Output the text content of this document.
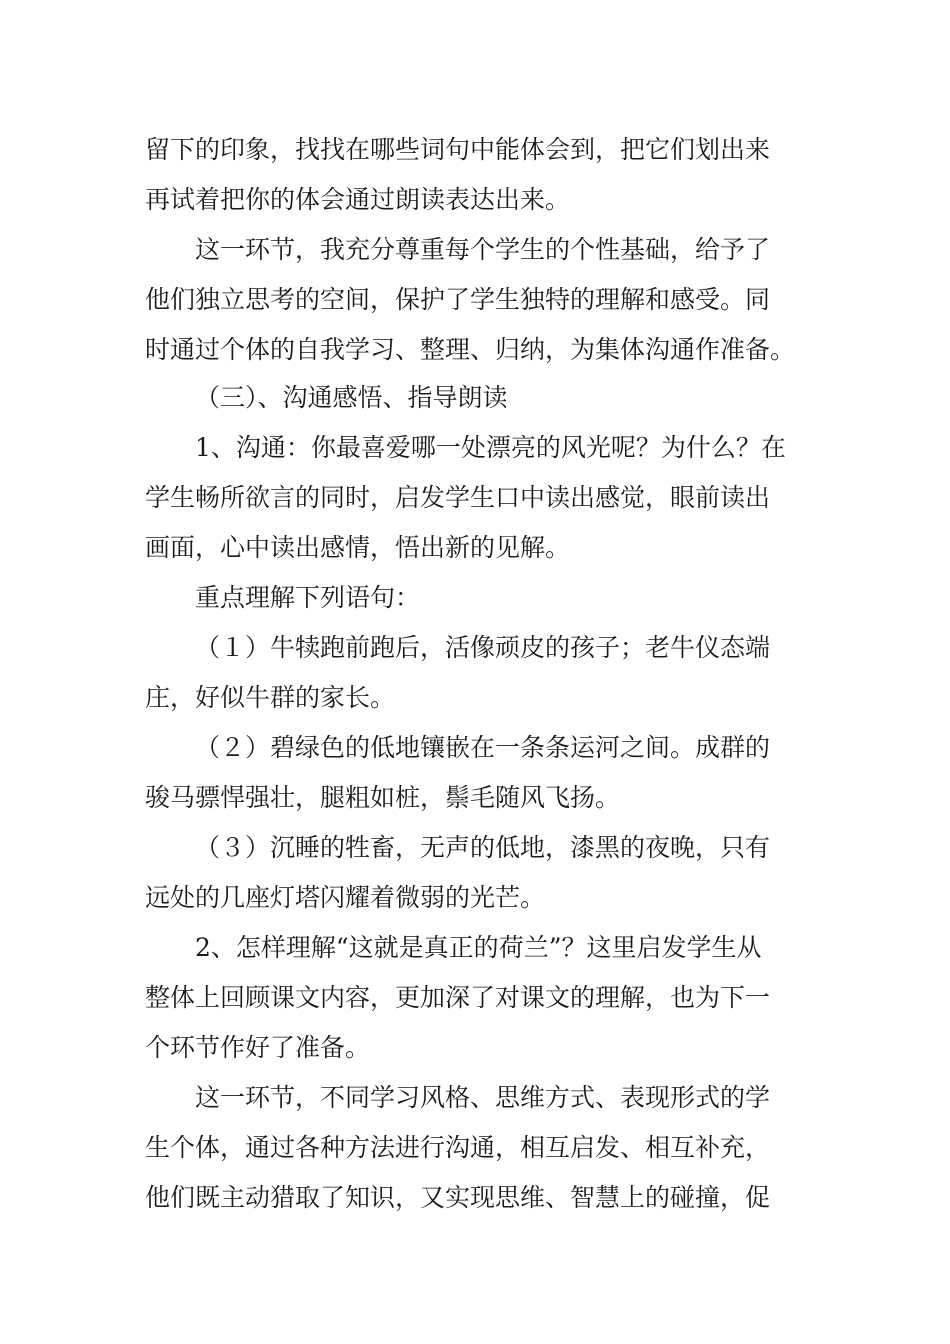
留下的印象，找找在哪些词句中能体会到，把它们划出来
再试着把你的体会通过朗读表达出来。
这一环节，我充分尊重每个学生的个性基础，给予了
他们独立思考的空间，保护了学生独特的理解和感受。同
时通过个体的自我学习、整理、归纳，为集体沟通作准备。
（三）、沟通感悟、指导朗读
1、沟通：你最喜爱哪一处漂亮的风光呢？为什么？在
学生畅所欲言的同时，启发学生口中读出感觉，眼前读出
画面，心中读出感情，悟出新的见解。
重点理解下列语句：
（１）牛犊跑前跑后，活像顽皮的孩子；老牛仪态端
庄，好似牛群的家长。
（２）碧绿色的低地镶嵌在一条条运河之间。成群的
骏马骠悍强壮，腿粗如桩，鬃毛随风飞扬。
（３）沉睡的牲畜，无声的低地，漆黑的夜晚，只有
远处的几座灯塔闪耀着微弱的光芒。
2、怎样理解“这就是真正的荷兰”？这里启发学生从
整体上回顾课文内容，更加深了对课文的理解，也为下一
个环节作好了准备。
这一环节，不同学习风格、思维方式、表现形式的学
生个体，通过各种方法进行沟通，相互启发、相互补充，
他们既主动猎取了知识，又实现思维、智慧上的碰撞，促
